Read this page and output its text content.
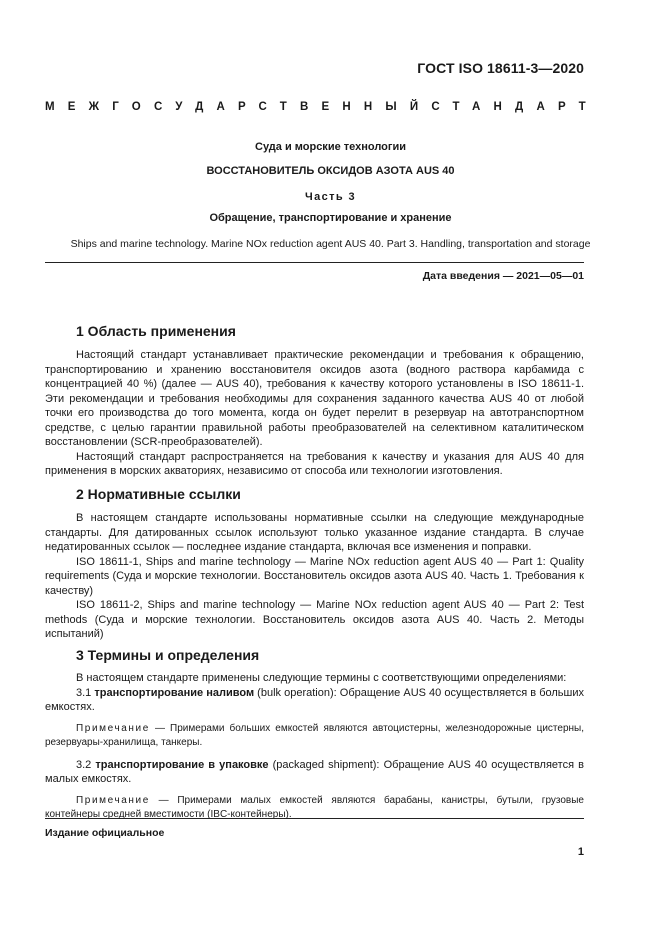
ГОСТ ISO 18611-3—2020
МЕЖГОСУДАРСТВЕННЫЙ СТАНДАРТ
Суда и морские технологии
ВОССТАНОВИТЕЛЬ ОКСИДОВ АЗОТА AUS 40
Часть 3
Обращение, транспортирование и хранение
Ships and marine technology. Marine NOx reduction agent AUS 40. Part 3. Handling, transportation and storage
Дата введения — 2021—05—01
1 Область применения

Настоящий стандарт устанавливает практические рекомендации и требования к обращению, транспортированию и хранению восстановителя оксидов азота (водного раствора карбамида с концентрацией 40 %) (далее — AUS 40), требования к качеству которого установлены в ISO 18611-1. Эти рекомендации и требования необходимы для сохранения заданного качества AUS 40 от любой точки его производства до того момента, когда он будет перелит в резервуар на автотранспортном средстве, с целью гарантии правильной работы преобразователей на селективном каталитическом восстановлении (SCR-преобразователей).

Настоящий стандарт распространяется на требования к качеству и указания для AUS 40 для применения в морских акваториях, независимо от способа или технологии изготовления.

2 Нормативные ссылки

В настоящем стандарте использованы нормативные ссылки на следующие международные стандарты. Для датированных ссылок используют только указанное издание стандарта. В случае недатированных ссылок — последнее издание стандарта, включая все изменения и поправки.

ISO 18611-1, Ships and marine technology — Marine NOx reduction agent AUS 40 — Part 1: Quality requirements (Суда и морские технологии. Восстановитель оксидов азота AUS 40. Часть 1. Требования к качеству)

ISO 18611-2, Ships and marine technology — Marine NOx reduction agent AUS 40 — Part 2: Test methods (Суда и морские технологии. Восстановитель оксидов азота AUS 40. Часть 2. Методы испытаний)

3 Термины и определения

В настоящем стандарте применены следующие термины с соответствующими определениями:

3.1 транспортирование наливом (bulk operation): Обращение AUS 40 осуществляется в больших емкостях.

Примечание — Примерами больших емкостей являются автоцистерны, железнодорожные цистерны, резервуары-хранилища, танкеры.

3.2 транспортирование в упаковке (packaged shipment): Обращение AUS 40 осуществляется в малых емкостях.

Примечание — Примерами малых емкостей являются барабаны, канистры, бутыли, грузовые контейнеры средней вместимости (IBC-контейнеры).

Издание официальное
1
